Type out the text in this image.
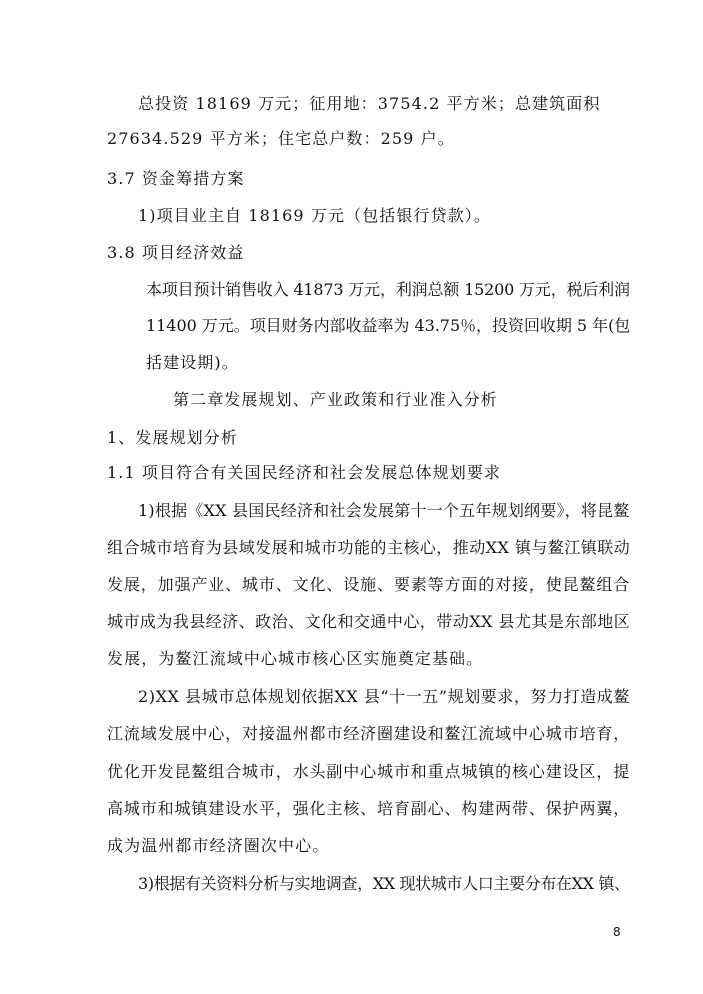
总投资 18169 万元；征用地：3754.2 平方米；总建筑面积
27634.529 平方米；住宅总户数：259 户。
3.7 资金筹措方案
1)项目业主自 18169 万元（包括银行贷款）。
3.8 项目经济效益
本项目预计销售收入 41873 万元，利润总额 15200 万元，税后利润
11400 万元。项目财务内部收益率为 43.75％，投资回收期 5 年(包
括建设期)。
第二章发展规划、产业政策和行业准入分析
1、发展规划分析
1.1 项目符合有关国民经济和社会发展总体规划要求
1)根据《XX 县国民经济和社会发展第十一个五年规划纲要》，将昆鳌
组合城市培育为县域发展和城市功能的主核心，推动XX 镇与鳌江镇联动
发展，加强产业、城市、文化、设施、要素等方面的对接，使昆鳌组合
城市成为我县经济、政治、文化和交通中心，带动XX 县尤其是东部地区
发展，为鳌江流域中心城市核心区实施奠定基础。
2)XX 县城市总体规划依据XX 县“十一五”规划要求，努力打造成鳌
江流域发展中心，对接温州都市经济圈建设和鳌江流域中心城市培育，
优化开发昆鳌组合城市，水头副中心城市和重点城镇的核心建设区，提
高城市和城镇建设水平，强化主核、培育副心、构建两带、保护两翼，
成为温州都市经济圈次中心。
3)根据有关资料分析与实地调查，XX 现状城市人口主要分布在XX 镇、
8
